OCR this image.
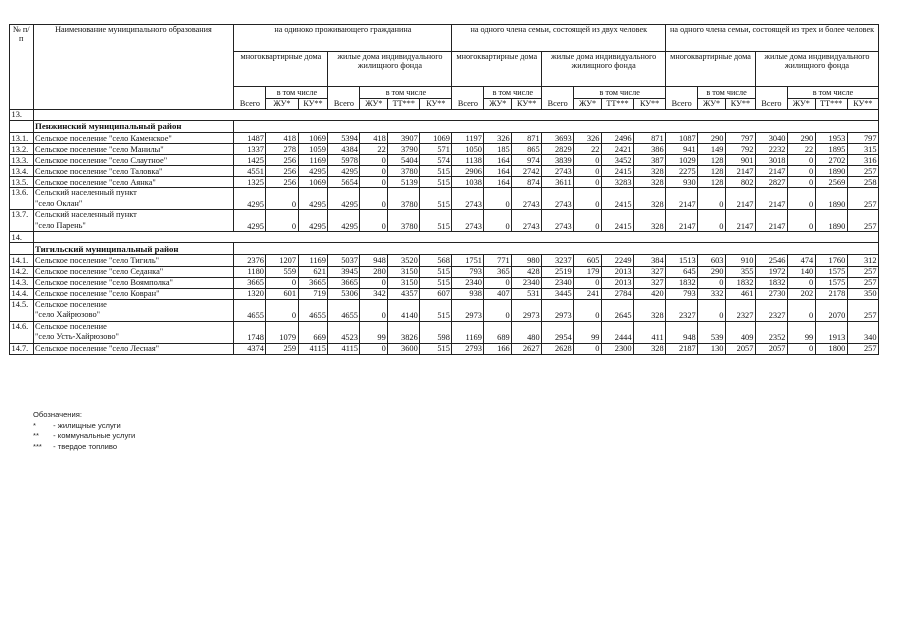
№ п/п	Наименование муниципального образования	на одиноко проживающего гражданина							на одного члена семьи, состоящей из двух человек							на одного члена семьи, состоящей из трех и более человек						
		многоквартирные дома			жилые дома индивидуального жилищного фонда				многоквартирные дома			жилые дома индивидуального жилищного фонда				многоквартирные дома			жилые дома индивидуального жилищного фонда			
		Всего	в том числе		Всего	в том числе			Всего	в том числе		Всего	в том числе			Всего	в том числе		Всего	в том числе		
			ЖУ*	КУ**		ЖУ*	ТТ***	КУ**		ЖУ*	КУ**		ЖУ*	ТТ***	КУ**		ЖУ*	КУ**		ЖУ*	ТТ***	КУ**
13.																						
	Пенжинский муниципальный район																					
13.1.	Сельское поселение "село Каменское"	1487	418	1069	5394	418	3907	1069	1197	326	871	3693	326	2496	871	1087	290	797	3040	290	1953	797
13.2.	Сельское поселение "село Манилы"	1337	278	1059	4384	22	3790	571	1050	185	865	2829	22	2421	386	941	149	792	2232	22	1895	315
13.3.	Сельское поселение "село Слаутное"	1425	256	1169	5978	0	5404	574	1138	164	974	3839	0	3452	387	1029	128	901	3018	0	2702	316
13.4.	Сельское поселение "село Таловка"	4551	256	4295	4295	0	3780	515	2906	164	2742	2743	0	2415	328	2275	128	2147	2147	0	1890	257
13.5.	Сельское поселение "село Аянка"	1325	256	1069	5654	0	5139	515	1038	164	874	3611	0	3283	328	930	128	802	2827	0	2569	258
13.6.	Сельский населенный пункт
"село Оклан"	4295	0	4295	4295	0	3780	515	2743	0	2743	2743	0	2415	328	2147	0	2147	2147	0	1890	257
13.7.	Сельский населенный пункт
"село Парень"	4295	0	4295	4295	0	3780	515	2743	0	2743	2743	0	2415	328	2147	0	2147	2147	0	1890	257
14.																						
	Тигильский муниципальный район																					
14.1.	Сельское поселение "село Тигиль"	2376	1207	1169	5037	948	3520	568	1751	771	980	3237	605	2249	384	1513	603	910	2546	474	1760	312
14.2.	Сельское поселение "село Седанка"	1180	559	621	3945	280	3150	515	793	365	428	2519	179	2013	327	645	290	355	1972	140	1575	257
14.3.	Сельское поселение "село Воямполка"	3665	0	3665	3665	0	3150	515	2340	0	2340	2340	0	2013	327	1832	0	1832	1832	0	1575	257
14.4.	Сельское поселение "село Ковран"	1320	601	719	5306	342	4357	607	938	407	531	3445	241	2784	420	793	332	461	2730	202	2178	350
14.5.	Сельское поселение
"село Хайрюзово"	4655	0	4655	4655	0	4140	515	2973	0	2973	2973	0	2645	328	2327	0	2327	2327	0	2070	257
14.6.	Сельское поселение
"село Усть-Хайрюзово"	1748	1079	669	4523	99	3826	598	1169	689	480	2954	99	2444	411	948	539	409	2352	99	1913	340
14.7.	Сельское поселение "село Лесная"	4374	259	4115	4115	0	3600	515	2793	166	2627	2628	0	2300	328	2187	130	2057	2057	0	1800	257
Обозначения:
* - жилищные услуги
** - коммунальные услуги
*** - твердое топливо
